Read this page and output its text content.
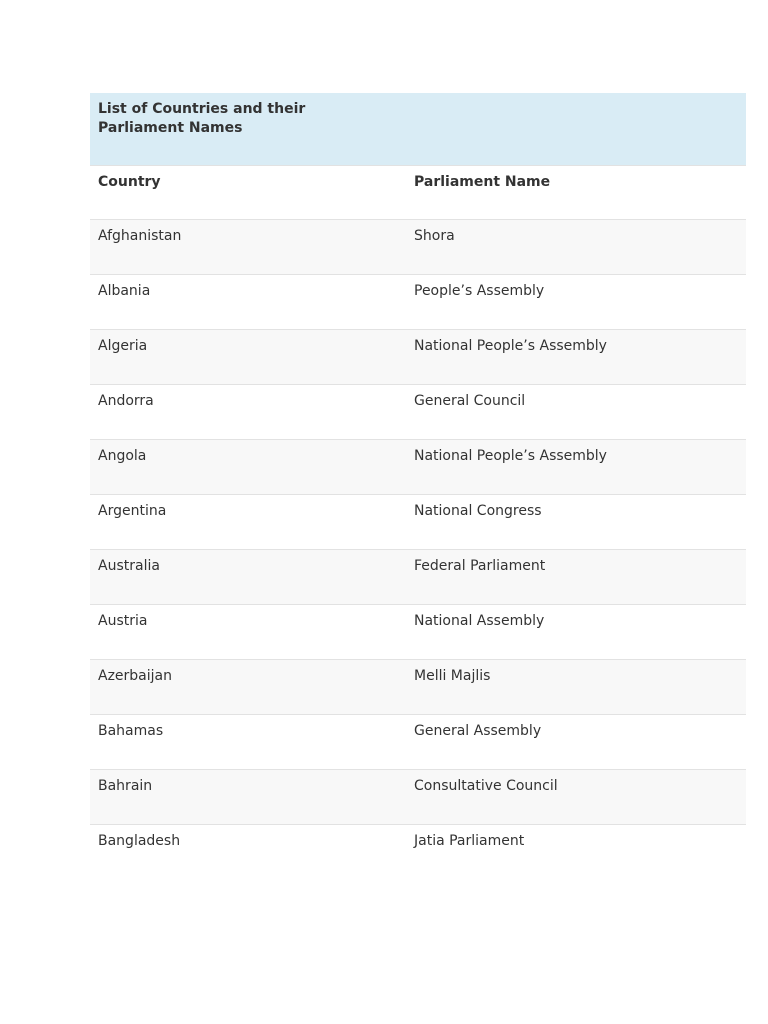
List of Countries and their Parliament Names

Country	Parliament Name
Afghanistan	Shora
Albania	People’s Assembly
Algeria	National People’s Assembly
Andorra	General Council
Angola	National People’s Assembly
Argentina	National Congress
Australia	Federal Parliament
Austria	National Assembly
Azerbaijan	Melli Majlis
Bahamas	General Assembly
Bahrain	Consultative Council
Bangladesh	Jatia Parliament
